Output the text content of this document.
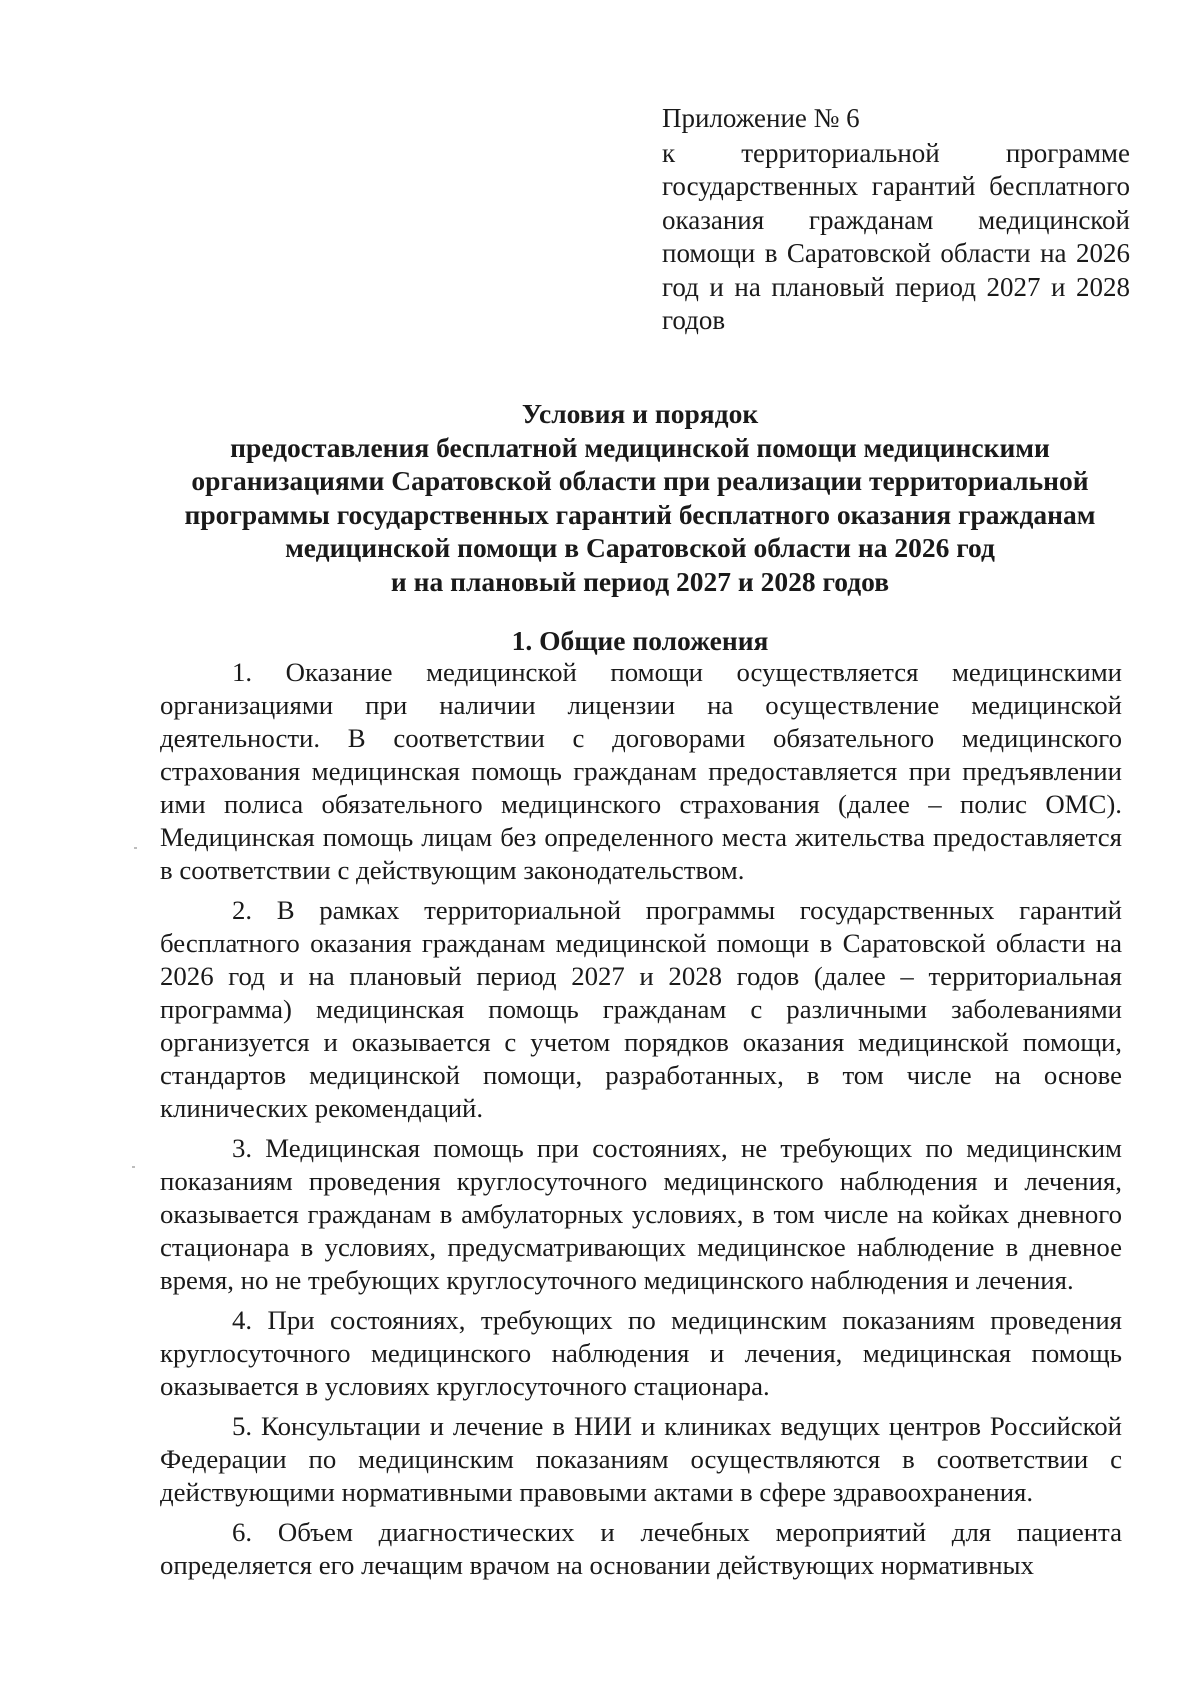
Приложение № 6
к территориальной программе государственных гарантий бесплатного оказания гражданам медицинской помощи в Саратовской области на 2026 год и на плановый период 2027 и 2028 годов
Условия и порядок
предоставления бесплатной медицинской помощи медицинскими
организациями Саратовской области при реализации территориальной
программы государственных гарантий бесплатного оказания гражданам
медицинской помощи в Саратовской области на 2026 год
и на плановый период 2027 и 2028 годов
1. Общие положения

1. Оказание медицинской помощи осуществляется медицинскими организациями при наличии лицензии на осуществление медицинской деятельности. В соответствии с договорами обязательного медицинского страхования медицинская помощь гражданам предоставляется при предъявлении ими полиса обязательного медицинского страхования (далее – полис ОМС). Медицинская помощь лицам без определенного места жительства предоставляется в соответствии с действующим законодательством.

2. В рамках территориальной программы государственных гарантий бесплатного оказания гражданам медицинской помощи в Саратовской области на 2026 год и на плановый период 2027 и 2028 годов (далее – территориальная программа) медицинская помощь гражданам с различными заболеваниями организуется и оказывается с учетом порядков оказания медицинской помощи, стандартов медицинской помощи, разработанных, в том числе на основе клинических рекомендаций.

3. Медицинская помощь при состояниях, не требующих по медицинским показаниям проведения круглосуточного медицинского наблюдения и лечения, оказывается гражданам в амбулаторных условиях, в том числе на койках дневного стационара в условиях, предусматривающих медицинское наблюдение в дневное время, но не требующих круглосуточного медицинского наблюдения и лечения.

4. При состояниях, требующих по медицинским показаниям проведения круглосуточного медицинского наблюдения и лечения, медицинская помощь оказывается в условиях круглосуточного стационара.

5. Консультации и лечение в НИИ и клиниках ведущих центров Российской Федерации по медицинским показаниям осуществляются в соответствии с действующими нормативными правовыми актами в сфере здравоохранения.

6. Объем диагностических и лечебных мероприятий для пациента определяется его лечащим врачом на основании действующих нормативных
